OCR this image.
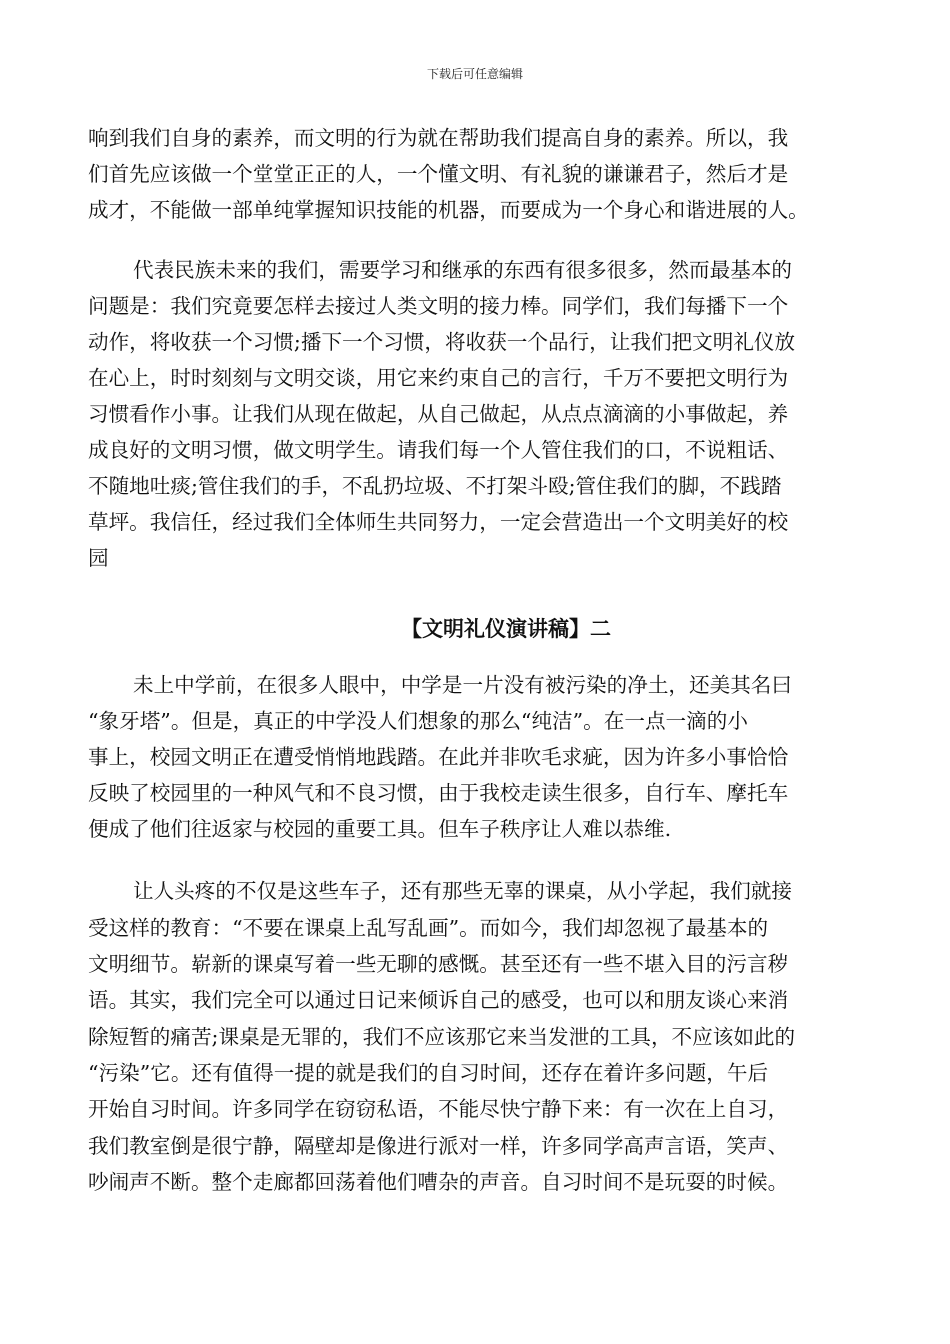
下载后可任意编辑
响到我们自身的素养，而文明的行为就在帮助我们提高自身的素养。所以，我
们首先应该做一个堂堂正正的人，一个懂文明、有礼貌的谦谦君子，然后才是
成才，不能做一部单纯掌握知识技能的机器，而要成为一个身心和谐进展的人。
代表民族未来的我们，需要学习和继承的东西有很多很多，然而最基本的
问题是：我们究竟要怎样去接过人类文明的接力棒。同学们，我们每播下一个
动作，将收获一个习惯;播下一个习惯，将收获一个品行，让我们把文明礼仪放
在心上，时时刻刻与文明交谈，用它来约束自己的言行，千万不要把文明行为
习惯看作小事。让我们从现在做起，从自己做起，从点点滴滴的小事做起，养
成良好的文明习惯，做文明学生。请我们每一个人管住我们的口，不说粗话、
不随地吐痰;管住我们的手，不乱扔垃圾、不打架斗殴;管住我们的脚，不践踏
草坪。我信任，经过我们全体师生共同努力，一定会营造出一个文明美好的校
园
【文明礼仪演讲稿】二
未上中学前，在很多人眼中，中学是一片没有被污染的净土，还美其名曰
“象牙塔”。但是，真正的中学没人们想象的那么“纯洁”。在一点一滴的小
事上，校园文明正在遭受悄悄地践踏。在此并非吹毛求疵，因为许多小事恰恰
反映了校园里的一种风气和不良习惯，由于我校走读生很多，自行车、摩托车
便成了他们往返家与校园的重要工具。但车子秩序让人难以恭维.
让人头疼的不仅是这些车子，还有那些无辜的课桌，从小学起，我们就接
受这样的教育：“不要在课桌上乱写乱画”。而如今，我们却忽视了最基本的
文明细节。崭新的课桌写着一些无聊的感慨。甚至还有一些不堪入目的污言秽
语。其实，我们完全可以通过日记来倾诉自己的感受，也可以和朋友谈心来消
除短暂的痛苦;课桌是无罪的，我们不应该那它来当发泄的工具，不应该如此的
“污染”它。还有值得一提的就是我们的自习时间，还存在着许多问题，午后
开始自习时间。许多同学在窃窃私语，不能尽快宁静下来：有一次在上自习，
我们教室倒是很宁静，隔壁却是像进行派对一样，许多同学高声言语，笑声、
吵闹声不断。整个走廊都回荡着他们嘈杂的声音。自习时间不是玩耍的时候。
